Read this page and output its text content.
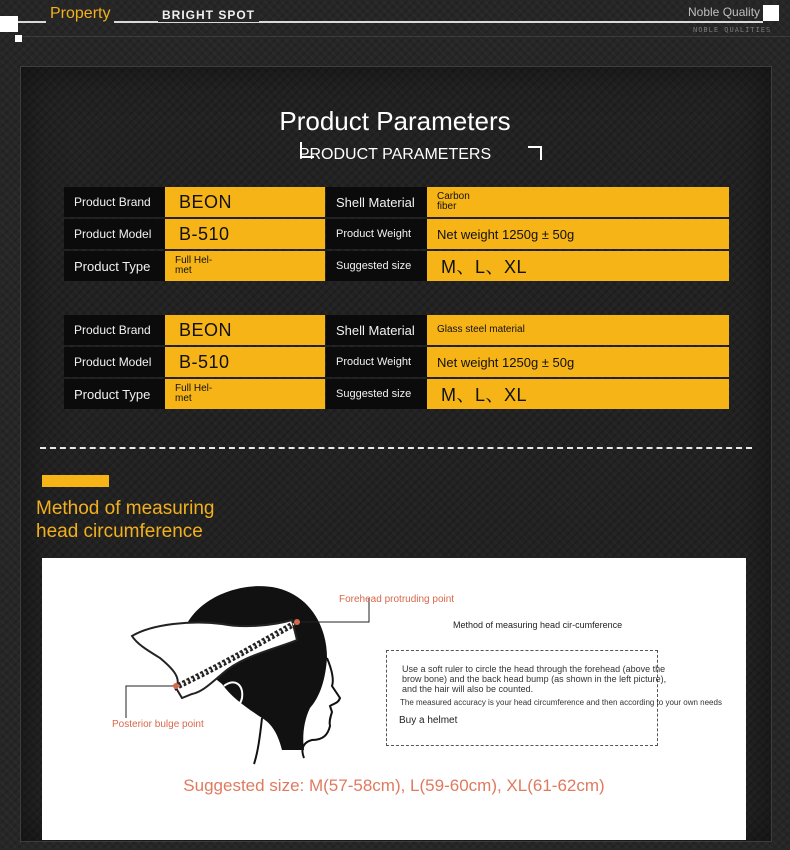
Property	BRIGHT SPOT	Noble Quality
NOBLE QUALITIES
Product Parameters
PRODUCT PARAMETERS
Product Brand	BEON		Shell Material	Carbon fiber

Product Model	B-510		Product Weight	Net weight 1250g ± 50g
Product Type	Full Hel-met		Suggested size	M、L、XL
Product Brand	BEON		Shell Material	Glass steel material
Product Model	B-510		Product Weight	Net weight 1250g ± 50g
Product Type	Full Hel-met		Suggested size	M、L、XL
Method of measuring
head circumference
Forehead protruding point
Posterior bulge point
Method of measuring head cir-cumference
Use a soft ruler to circle the head through the forehead (above the brow bone) and the back head bump (as shown in the left picture), and the hair will also be counted.
The measured accuracy is your head circumference and then according to your own needs
Buy a helmet
Suggested size: M(57-58cm), L(59-60cm), XL(61-62cm)
